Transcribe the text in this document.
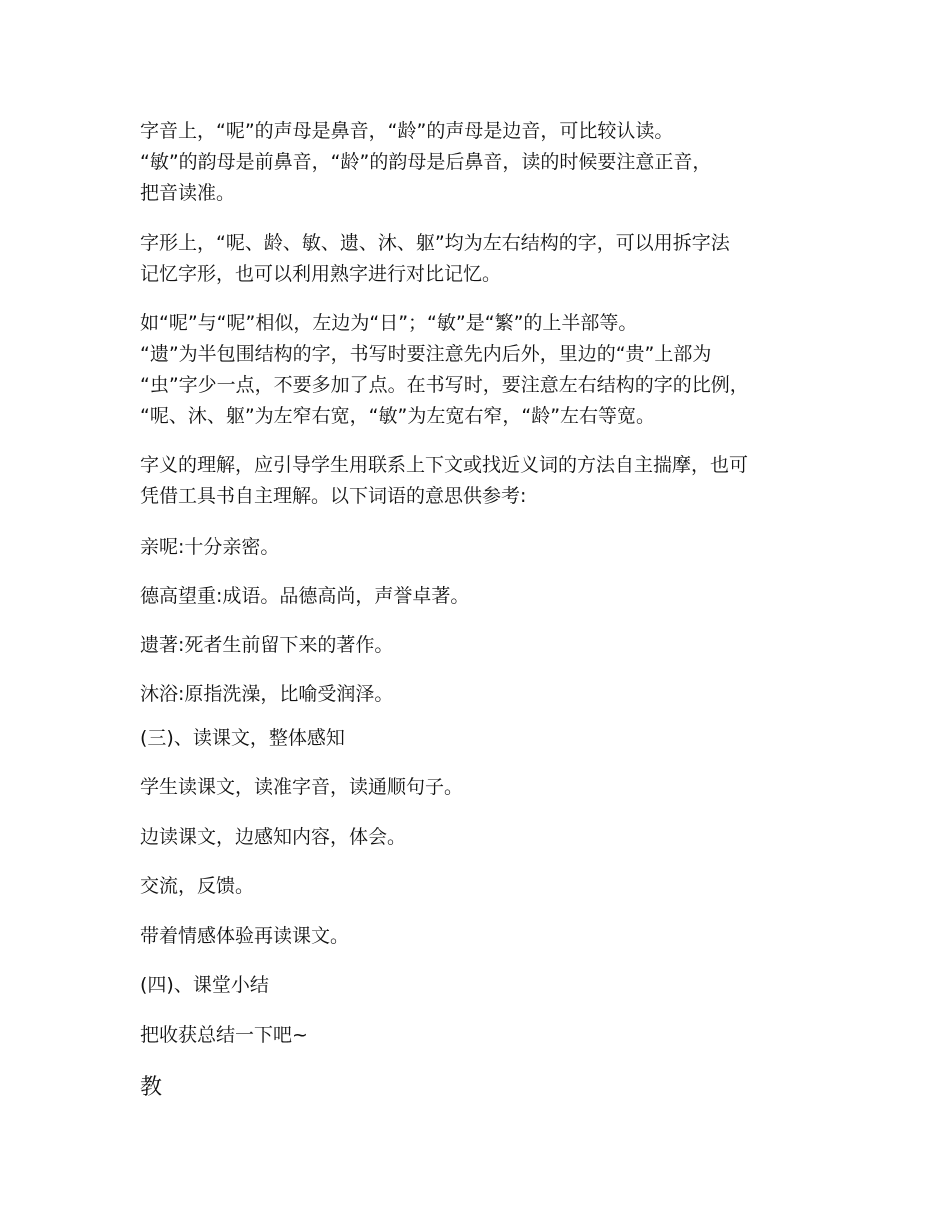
字音上，“呢”的声母是鼻音，“龄”的声母是边音，可比较认读。
“敏”的韵母是前鼻音，“龄”的韵母是后鼻音，读的时候要注意正音，
把音读准。
字形上，“呢、龄、敏、遗、沐、躯”均为左右结构的字，可以用拆字法
记忆字形，也可以利用熟字进行对比记忆。
如“呢”与“呢”相似，左边为“日”；“敏”是“繁”的上半部等。
“遗”为半包围结构的字，书写时要注意先内后外，里边的“贵”上部为
“虫”字少一点，不要多加了点。在书写时，要注意左右结构的字的比例，
“呢、沐、躯”为左窄右宽，“敏”为左宽右窄，“龄”左右等宽。
字义的理解，应引导学生用联系上下文或找近义词的方法自主揣摩，也可
凭借工具书自主理解。以下词语的意思供参考:
亲呢:十分亲密。
德高望重:成语。品德高尚，声誉卓著。
遗著:死者生前留下来的著作。
沐浴:原指洗澡，比喻受润泽。
(三)、读课文，整体感知
学生读课文，读准字音，读通顺句子。
边读课文，边感知内容，体会。
交流，反馈。
带着情感体验再读课文。
(四)、课堂小结
把收获总结一下吧~
教
